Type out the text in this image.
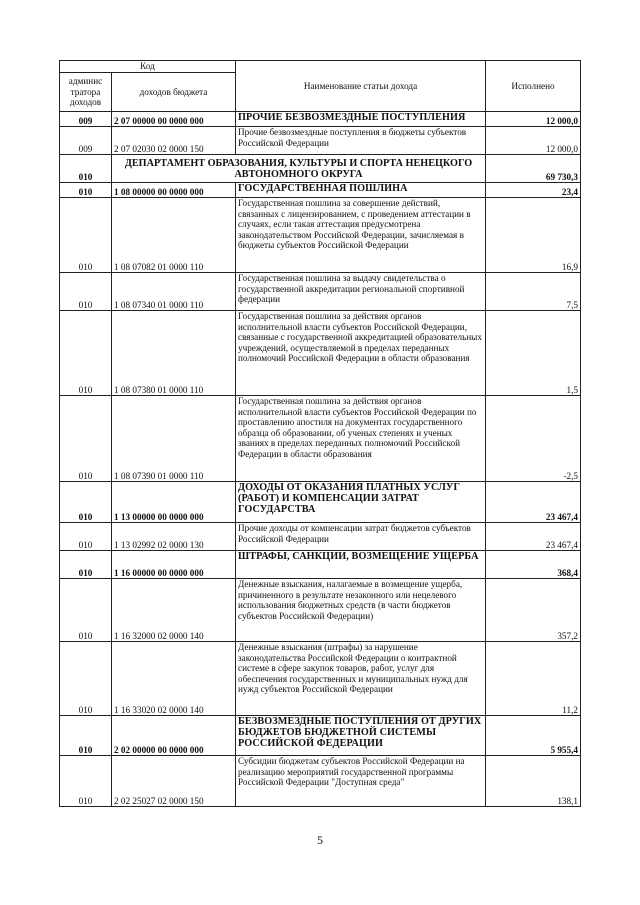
Код		Наименование статьи дохода	Исполнено
админис тратора доходов	доходов бюджета		
009	2 07 00000 00 0000 000	ПРОЧИЕ БЕЗВОЗМЕЗДНЫЕ ПОСТУПЛЕНИЯ	12 000,0
009	2 07 02030 02 0000 150	Прочие безвозмездные поступления в бюджеты субъектов Российской Федерации	12 000,0
010	ДЕПАРТАМЕНТ ОБРАЗОВАНИЯ, КУЛЬТУРЫ И СПОРТА НЕНЕЦКОГО АВТОНОМНОГО ОКРУГА		69 730,3
010	1 08 00000 00 0000 000	ГОСУДАРСТВЕННАЯ ПОШЛИНА	23,4
010	1 08 07082 01 0000 110	Государственная пошлина за совершение действий, связанных с лицензированием, с проведением аттестации в случаях, если такая аттестация предусмотрена законодательством Российской Федерации, зачисляемая в бюджеты субъектов Российской Федерации	16,9
010	1 08 07340 01 0000 110	Государственная пошлина за выдачу свидетельства о государственной аккредитации региональной спортивной федерации	7,5
010	1 08 07380 01 0000 110	Государственная пошлина за действия органов исполнительной власти субъектов Российской Федерации, связанные с государственной аккредитацией образовательных учреждений, осуществляемой в пределах переданных полномочий Российской Федерации в области образования	1,5
010	1 08 07390 01 0000 110	Государственная пошлина за действия органов исполнительной власти субъектов Российской Федерации по проставлению апостиля на документах государственного образца об образовании, об ученых степенях и ученых званиях в пределах переданных полномочий Российской Федерации в области образования	-2,5
010	1 13 00000 00 0000 000	ДОХОДЫ ОТ ОКАЗАНИЯ ПЛАТНЫХ УСЛУГ (РАБОТ) И КОМПЕНСАЦИИ ЗАТРАТ ГОСУДАРСТВА	23 467,4
010	1 13 02992 02 0000 130	Прочие доходы от компенсации затрат бюджетов субъектов Российской Федерации	23 467,4
010	1 16 00000 00 0000 000	ШТРАФЫ, САНКЦИИ, ВОЗМЕЩЕНИЕ УЩЕРБА	368,4
010	1 16 32000 02 0000 140	Денежные взыскания, налагаемые в возмещение ущерба, причиненного в результате незаконного или нецелевого использования бюджетных средств (в части бюджетов субъектов Российской Федерации)	357,2
010	1 16 33020 02 0000 140	Денежные взыскания (штрафы) за нарушение законодательства Российской Федерации о контрактной системе в сфере закупок товаров, работ, услуг для обеспечения государственных и муниципальных нужд для нужд субъектов Российской Федерации	11,2
010	2 02 00000 00 0000 000	БЕЗВОЗМЕЗДНЫЕ ПОСТУПЛЕНИЯ ОТ ДРУГИХ БЮДЖЕТОВ БЮДЖЕТНОЙ СИСТЕМЫ РОССИЙСКОЙ ФЕДЕРАЦИИ	5 955,4
010	2 02 25027 02 0000 150	Субсидии бюджетам субъектов Российской Федерации на реализацию мероприятий государственной программы Российской Федерации "Доступная среда"	138,1
5
